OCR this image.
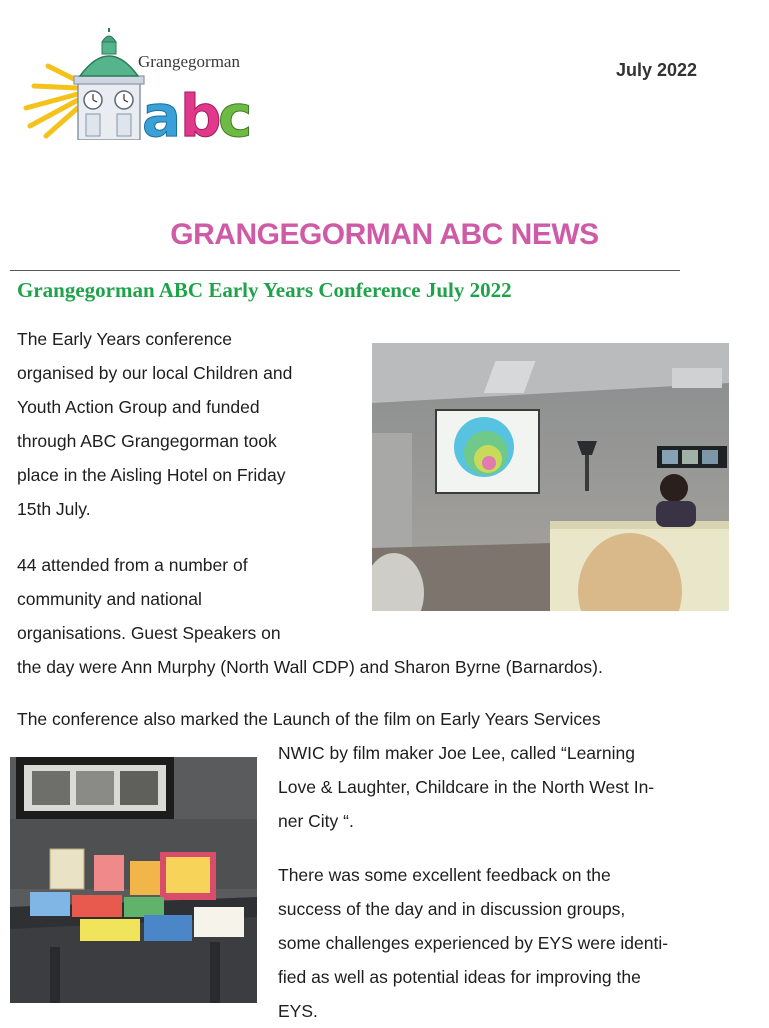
a
b
c
Grangegorman	July 2022
GRANGEGORMAN ABC NEWS
Grangegorman ABC Early Years Conference July 2022
The Early Years conference
organised by our local Children and
Youth Action Group and funded
through ABC Grangegorman took
place in the Aisling Hotel on Friday
15th July.
44 attended from a number of
community and national
organisations. Guest Speakers on
the day were Ann Murphy (North Wall CDP) and Sharon Byrne (Barnardos).
The conference also marked the Launch of the film on Early Years Services
NWIC by film maker Joe Lee, called “Learning
Love & Laughter, Childcare in the North West In-
ner City “.
There was some excellent feedback on the
success of the day and in discussion groups,
some challenges experienced by EYS were identi-
fied as well as potential ideas for improving the
EYS.
